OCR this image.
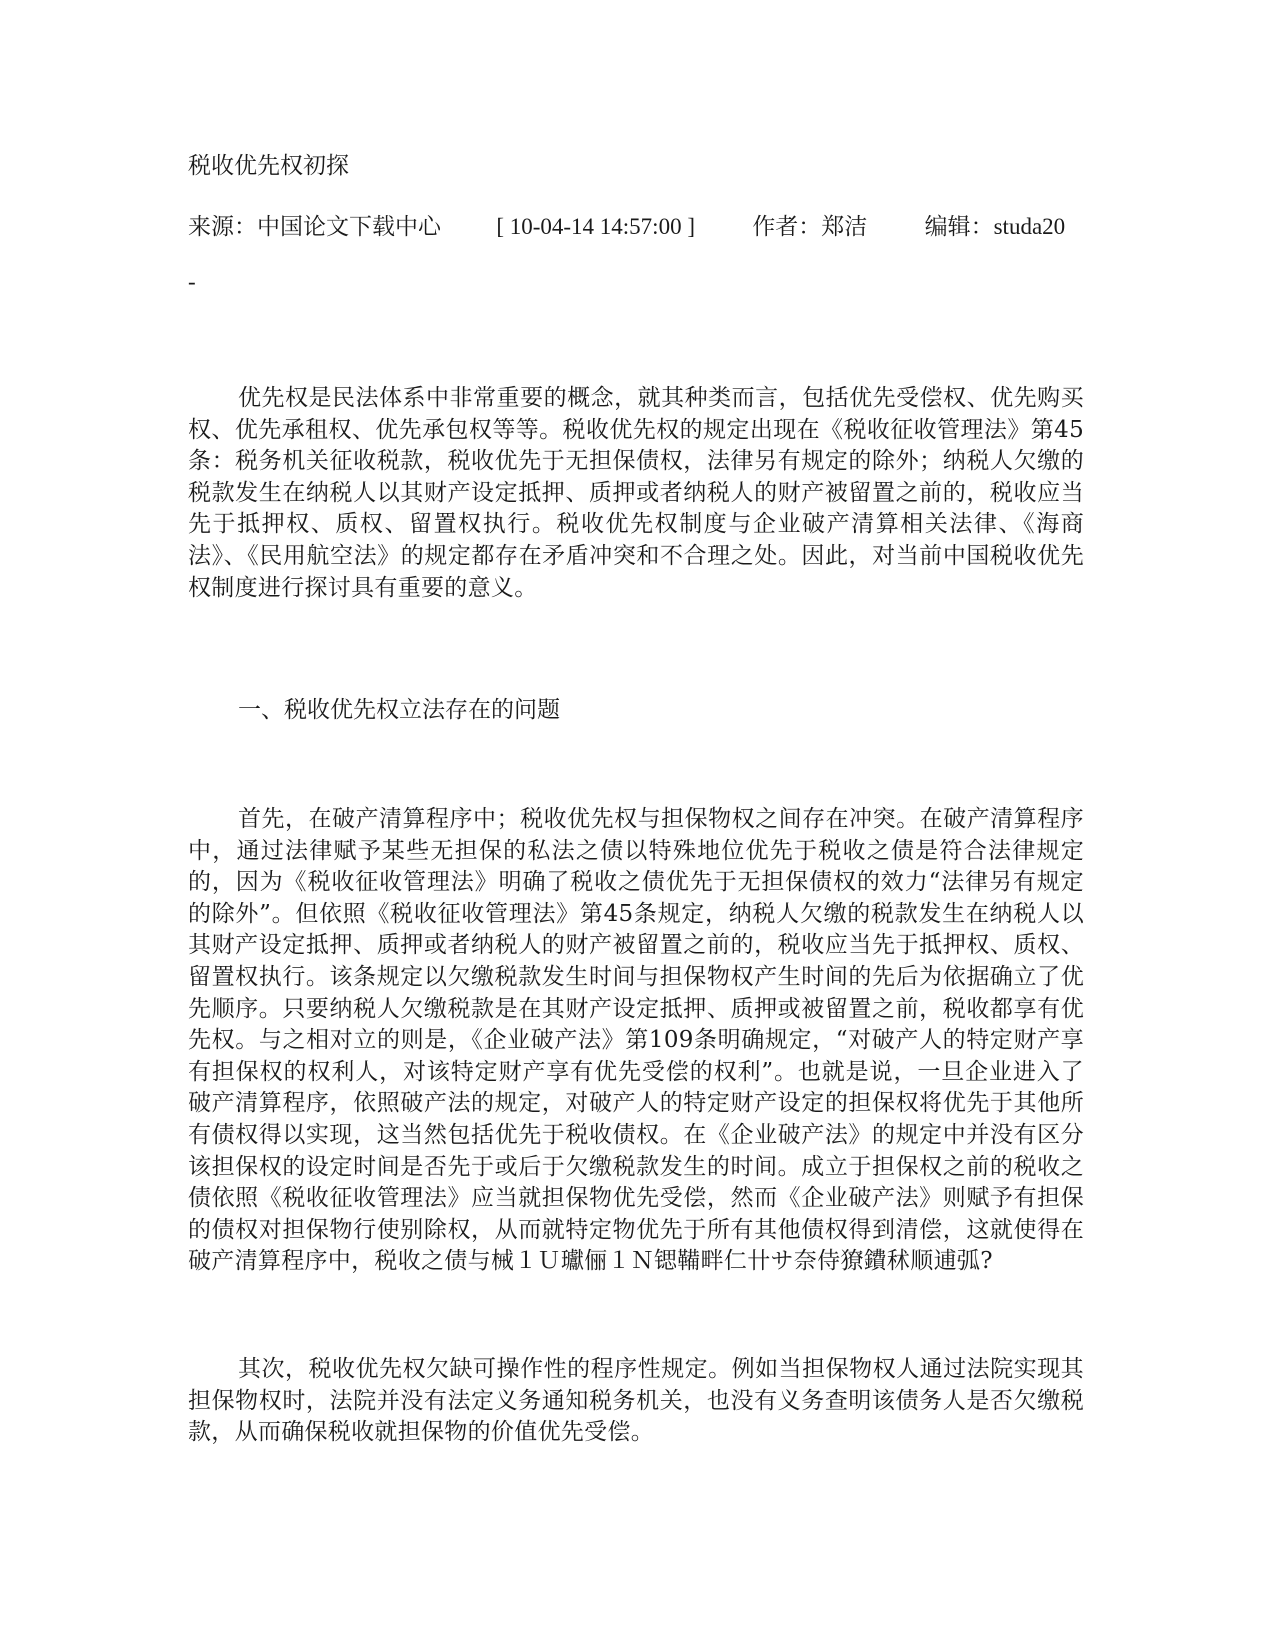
税收优先权初探
来源：中国论文下载中心 [ 10-04-14 14:57:00 ] 作者：郑洁 编辑：studa20
-

优先权是民法体系中非常重要的概念，就其种类而言，包括优先受偿权、优先购买权、优先承租权、优先承包权等等。税收优先权的规定出现在《税收征收管理法》第45条：税务机关征收税款，税收优先于无担保债权，法律另有规定的除外；纳税人欠缴的税款发生在纳税人以其财产设定抵押、质押或者纳税人的财产被留置之前的，税收应当先于抵押权、质权、留置权执行。税收优先权制度与企业破产清算相关法律、《海商法》、《民用航空法》的规定都存在矛盾冲突和不合理之处。因此，对当前中国税收优先权制度进行探讨具有重要的意义。

一、税收优先权立法存在的问题

首先，在破产清算程序中；税收优先权与担保物权之间存在冲突。在破产清算程序中，通过法律赋予某些无担保的私法之债以特殊地位优先于税收之债是符合法律规定的，因为《税收征收管理法》明确了税收之债优先于无担保债权的效力“法律另有规定的除外”。但依照《税收征收管理法》第45条规定，纳税人欠缴的税款发生在纳税人以其财产设定抵押、质押或者纳税人的财产被留置之前的，税收应当先于抵押权、质权、留置权执行。该条规定以欠缴税款发生时间与担保物权产生时间的先后为依据确立了优先顺序。只要纳税人欠缴税款是在其财产设定抵押、质押或被留置之前，税收都享有优先权。与之相对立的则是，《企业破产法》第109条明确规定，“对破产人的特定财产享有担保权的权利人，对该特定财产享有优先受偿的权利”。也就是说，一旦企业进入了破产清算程序，依照破产法的规定，对破产人的特定财产设定的担保权将优先于其他所有债权得以实现，这当然包括优先于税收债权。在《企业破产法》的规定中并没有区分该担保权的设定时间是否先于或后于欠缴税款发生的时间。成立于担保权之前的税收之债依照《税收征收管理法》应当就担保物优先受偿，然而《企业破产法》则赋予有担保的债权对担保物行使别除权，从而就特定物优先于所有其他债权得到清偿，这就使得在破产清算程序中，税收之债与械１Ｕ瓛俪１Ｎ锶鞴畔仁卄サ奈侍獠鐨秫顺逋弧?

其次，税收优先权欠缺可操作性的程序性规定。例如当担保物权人通过法院实现其担保物权时，法院并没有法定义务通知税务机关，也没有义务查明该债务人是否欠缴税款，从而确保税收就担保物的价值优先受偿。
